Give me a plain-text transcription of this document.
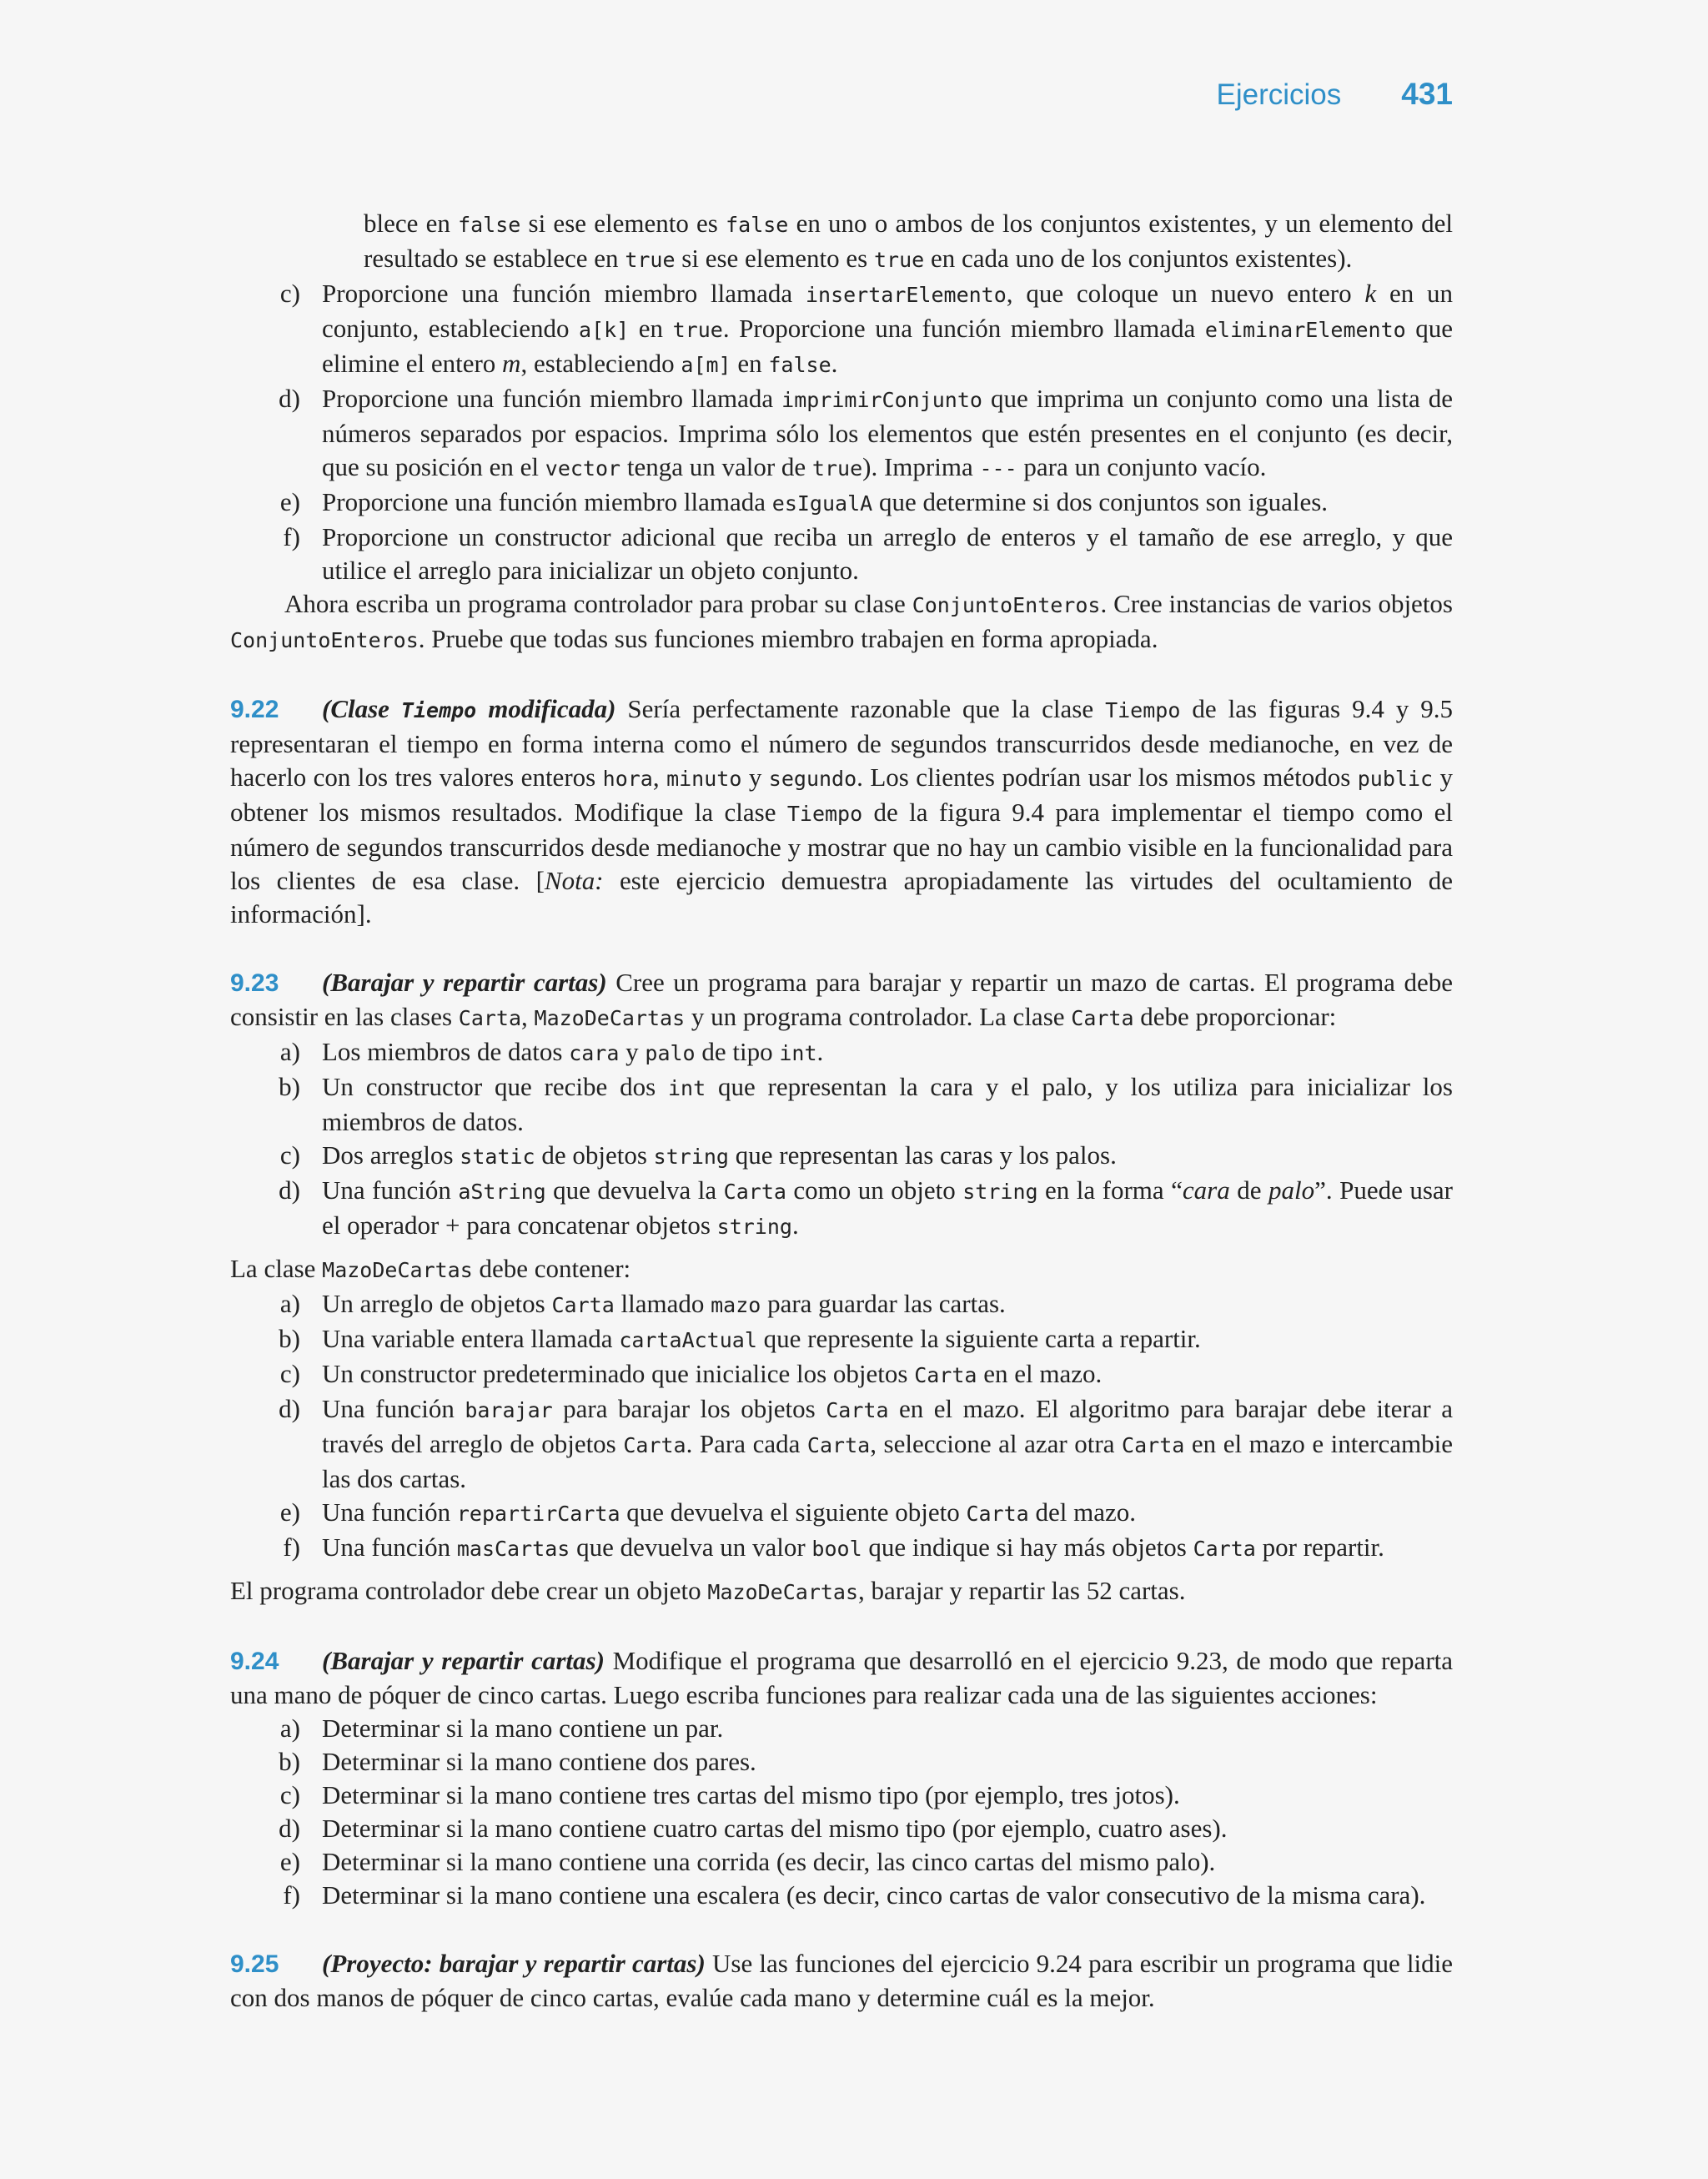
Ejercicios 431

blece en false si ese elemento es false en uno o ambos de los conjuntos existentes, y un elemento del resultado se establece en true si ese elemento es true en cada uno de los conjuntos existentes).

c) Proporcione una función miembro llamada insertarElemento, que coloque un nuevo entero k en un conjunto, estableciendo a[k] en true. Proporcione una función miembro llamada eliminarElemento que elimine el entero m, estableciendo a[m] en false.
d) Proporcione una función miembro llamada imprimirConjunto que imprima un conjunto como una lista de números separados por espacios. Imprima sólo los elementos que estén presentes en el conjunto (es decir, que su posición en el vector tenga un valor de true). Imprima --- para un conjunto vacío.
e) Proporcione una función miembro llamada esIgualA que determine si dos conjuntos son iguales.
f) Proporcione un constructor adicional que reciba un arreglo de enteros y el tamaño de ese arreglo, y que utilice el arreglo para inicializar un objeto conjunto.

Ahora escriba un programa controlador para probar su clase ConjuntoEnteros. Cree instancias de varios objetos ConjuntoEnteros. Pruebe que todas sus funciones miembro trabajen en forma apropiada.

9.22 (Clase Tiempo modificada) Sería perfectamente razonable que la clase Tiempo de las figuras 9.4 y 9.5 representaran el tiempo en forma interna como el número de segundos transcurridos desde medianoche, en vez de hacerlo con los tres valores enteros hora, minuto y segundo. Los clientes podrían usar los mismos métodos public y obtener los mismos resultados. Modifique la clase Tiempo de la figura 9.4 para implementar el tiempo como el número de segundos transcurridos desde medianoche y mostrar que no hay un cambio visible en la funcionalidad para los clientes de esa clase. [Nota: este ejercicio demuestra apropiadamente las virtudes del ocultamiento de información].

9.23 (Barajar y repartir cartas) Cree un programa para barajar y repartir un mazo de cartas. El programa debe consistir en las clases Carta, MazoDeCartas y un programa controlador. La clase Carta debe proporcionar:

a) Los miembros de datos cara y palo de tipo int.
b) Un constructor que recibe dos int que representan la cara y el palo, y los utiliza para inicializar los miembros de datos.
c) Dos arreglos static de objetos string que representan las caras y los palos.
d) Una función aString que devuelva la Carta como un objeto string en la forma “cara de palo”. Puede usar el operador + para concatenar objetos string.

La clase MazoDeCartas debe contener:

a) Un arreglo de objetos Carta llamado mazo para guardar las cartas.
b) Una variable entera llamada cartaActual que represente la siguiente carta a repartir.
c) Un constructor predeterminado que inicialice los objetos Carta en el mazo.
d) Una función barajar para barajar los objetos Carta en el mazo. El algoritmo para barajar debe iterar a través del arreglo de objetos Carta. Para cada Carta, seleccione al azar otra Carta en el mazo e intercambie las dos cartas.
e) Una función repartirCarta que devuelva el siguiente objeto Carta del mazo.
f) Una función masCartas que devuelva un valor bool que indique si hay más objetos Carta por repartir.

El programa controlador debe crear un objeto MazoDeCartas, barajar y repartir las 52 cartas.

9.24 (Barajar y repartir cartas) Modifique el programa que desarrolló en el ejercicio 9.23, de modo que reparta una mano de póquer de cinco cartas. Luego escriba funciones para realizar cada una de las siguientes acciones:

a) Determinar si la mano contiene un par.
b) Determinar si la mano contiene dos pares.
c) Determinar si la mano contiene tres cartas del mismo tipo (por ejemplo, tres jotos).
d) Determinar si la mano contiene cuatro cartas del mismo tipo (por ejemplo, cuatro ases).
e) Determinar si la mano contiene una corrida (es decir, las cinco cartas del mismo palo).
f) Determinar si la mano contiene una escalera (es decir, cinco cartas de valor consecutivo de la misma cara).

9.25 (Proyecto: barajar y repartir cartas) Use las funciones del ejercicio 9.24 para escribir un programa que lidie con dos manos de póquer de cinco cartas, evalúe cada mano y determine cuál es la mejor.
